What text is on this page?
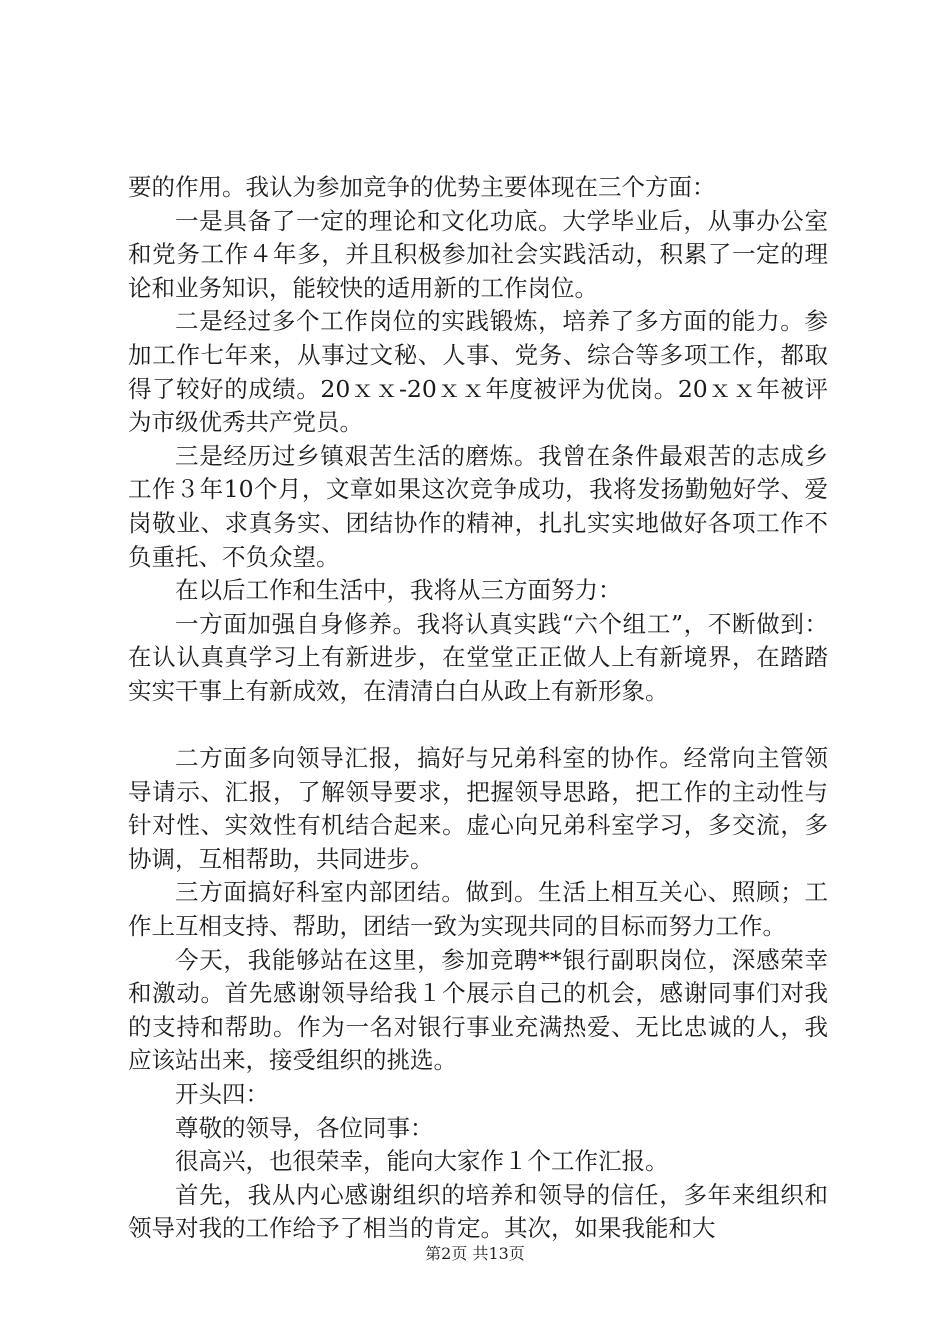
要的作用。我认为参加竞争的优势主要体现在三个方面：

一是具备了一定的理论和文化功底。大学毕业后，从事办公室和党务工作４年多，并且积极参加社会实践活动，积累了一定的理论和业务知识，能较快的适用新的工作岗位。

二是经过多个工作岗位的实践锻炼，培养了多方面的能力。参加工作七年来，从事过文秘、人事、党务、综合等多项工作，都取得了较好的成绩。20ｘｘ-20ｘｘ年度被评为优岗。20ｘｘ年被评为市级优秀共产党员。

三是经历过乡镇艰苦生活的磨炼。我曾在条件最艰苦的志成乡工作３年10个月，文章如果这次竞争成功，我将发扬勤勉好学、爱岗敬业、求真务实、团结协作的精神，扎扎实实地做好各项工作不负重托、不负众望。

在以后工作和生活中，我将从三方面努力：

一方面加强自身修养。我将认真实践“六个组工”，不断做到：在认认真真学习上有新进步，在堂堂正正做人上有新境界，在踏踏实实干事上有新成效，在清清白白从政上有新形象。

二方面多向领导汇报，搞好与兄弟科室的协作。经常向主管领导请示、汇报，了解领导要求，把握领导思路，把工作的主动性与针对性、实效性有机结合起来。虚心向兄弟科室学习，多交流，多协调，互相帮助，共同进步。

三方面搞好科室内部团结。做到。生活上相互关心、照顾；工作上互相支持、帮助，团结一致为实现共同的目标而努力工作。

今天，我能够站在这里，参加竞聘**银行副职岗位，深感荣幸和激动。首先感谢领导给我１个展示自己的机会，感谢同事们对我的支持和帮助。作为一名对银行事业充满热爱、无比忠诚的人，我应该站出来，接受组织的挑选。

开头四：

尊敬的领导，各位同事：

很高兴，也很荣幸，能向大家作１个工作汇报。

首先，我从内心感谢组织的培养和领导的信任，多年来组织和领导对我的工作给予了相当的肯定。其次，如果我能和大

第2页 共13页
